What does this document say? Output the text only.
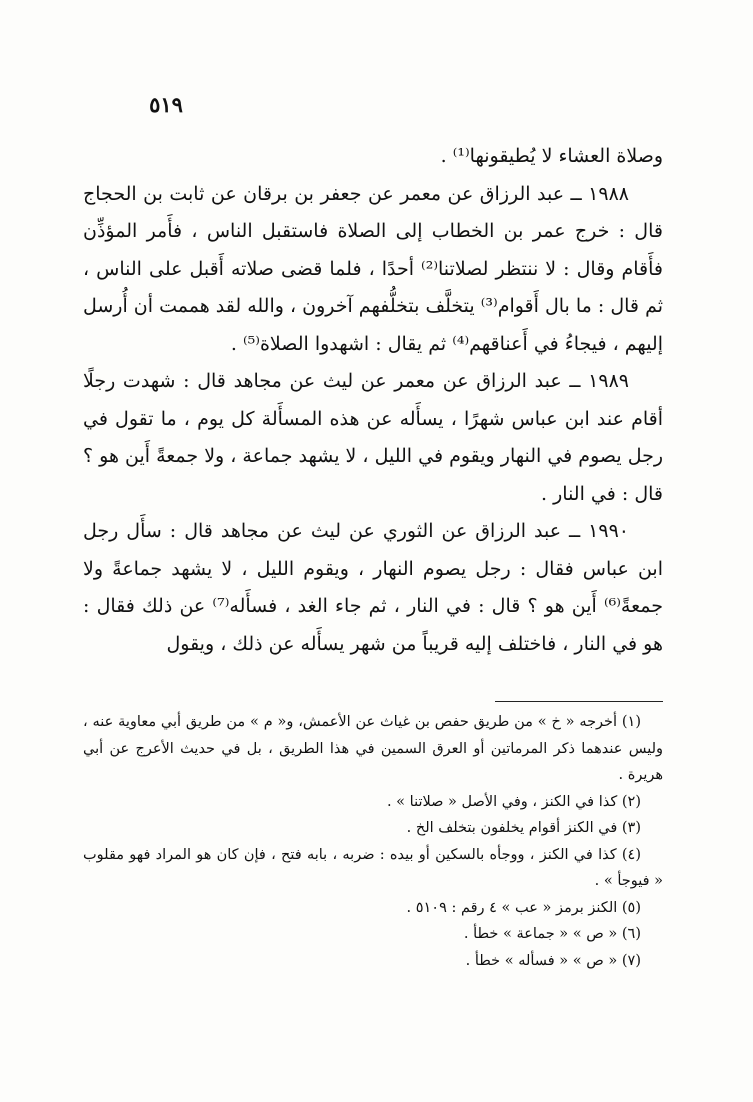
٥١٩

وصلاة العشاء لا يُطيقونها⁽¹⁾ .

١٩٨٨ ــ عبد الرزاق عن معمر عن جعفر بن برقان عن ثابت بن الحجاج قال : خرج عمر بن الخطاب إلى الصلاة فاستقبل الناس ، فأَمر المؤذِّن فأَقام وقال : لا ننتظر لصلاتنا⁽²⁾ أحدًا ، فلما قضى صلاته أَقبل على الناس ، ثم قال : ما بال أَقوام⁽³⁾ يتخلَّف بتخلُّفهم آخرون ، والله لقد هممت أن أُرسل إليهم ، فيجاءُ في أَعناقهم⁽⁴⁾ ثم يقال : اشهدوا الصلاة⁽⁵⁾ .

١٩٨٩ ــ عبد الرزاق عن معمر عن ليث عن مجاهد قال : شهدت رجلًا أقام عند ابن عباس شهرًا ، يسأَله عن هذه المسأَلة كل يوم ، ما تقول في رجل يصوم في النهار ويقوم في الليل ، لا يشهد جماعة ، ولا جمعةً أَين هو ؟ قال : في النار .

١٩٩٠ ــ عبد الرزاق عن الثوري عن ليث عن مجاهد قال : سأَل رجل ابن عباس فقال : رجل يصوم النهار ، ويقوم الليل ، لا يشهد جماعةً ولا جمعةً⁽⁶⁾ أَين هو ؟ قال : في النار ، ثم جاء الغد ، فسأَله⁽⁷⁾ عن ذلك فقال : هو في النار ، فاختلف إليه قريباً من شهر يسأَله عن ذلك ، ويقول

(١) أخرجه « خ » من طريق حفص بن غياث عن الأعمش، و« م » من طريق أبي معاوية عنه ، وليس عندهما ذكر المرماتين أو العرق السمين في هذا الطريق ، بل في حديث الأعرج عن أبي هريرة .

(٢) كذا في الكنز ، وفي الأصل « صلاتنا » .

(٣) في الكنز أقوام يخلفون بتخلف الخ .

(٤) كذا في الكنز ، ووجأه بالسكين أو بيده : ضربه ، بابه فتح ، فإن كان هو المراد فهو مقلوب « فيوجأ » .

(٥) الكنز برمز « عب » ٤ رقم : ٥١٠٩ .

(٦) « ص » « جماعة » خطأ .

(٧) « ص » « فسأله » خطأ .
